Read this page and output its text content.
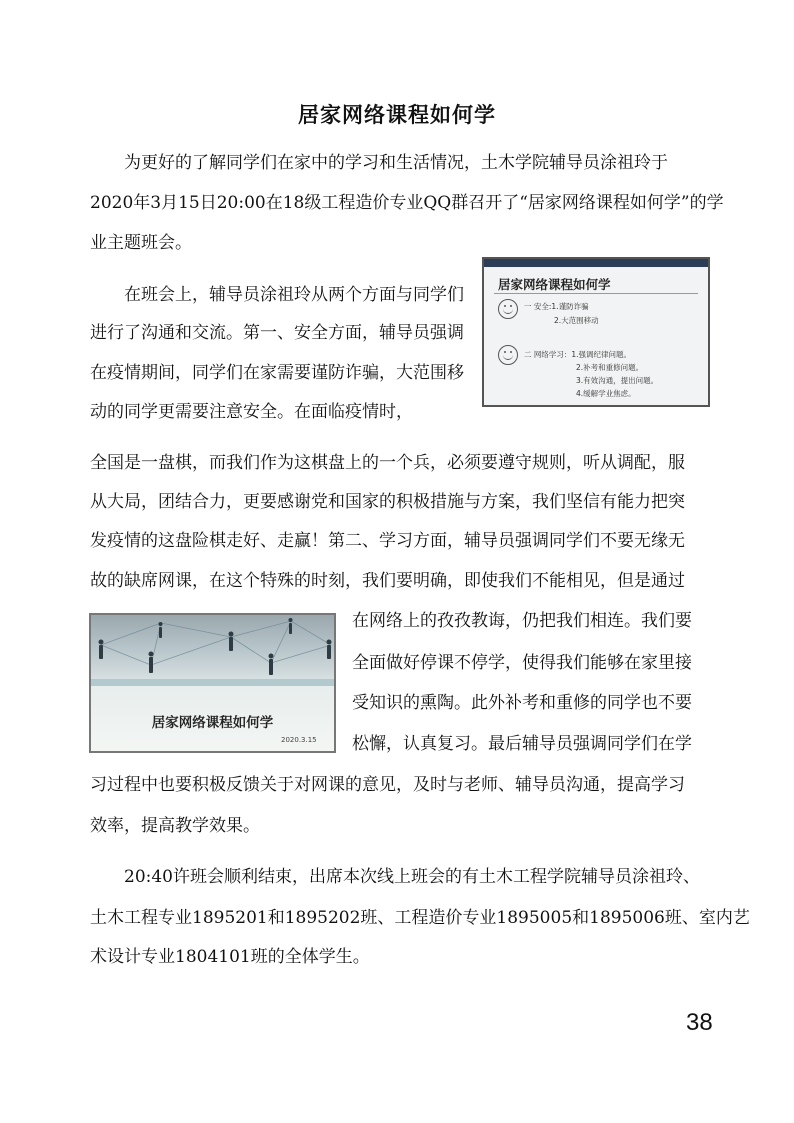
居家网络课程如何学
为更好的了解同学们在家中的学习和生活情况，土木学院辅导员涂祖玲于
2020年3月15日20:00在18级工程造价专业QQ群召开了“居家网络课程如何学”的学
业主题班会。
在班会上，辅导员涂祖玲从两个方面与同学们
进行了沟通和交流。第一、安全方面，辅导员强调
在疫情期间，同学们在家需要谨防诈骗，大范围移
动的同学更需要注意安全。在面临疫情时，
全国是一盘棋，而我们作为这棋盘上的一个兵，必须要遵守规则，听从调配，服
从大局，团结合力，更要感谢党和国家的积极措施与方案，我们坚信有能力把突
发疫情的这盘险棋走好、走赢！第二、学习方面，辅导员强调同学们不要无缘无
故的缺席网课，在这个特殊的时刻，我们要明确，即使我们不能相见，但是通过
在网络上的孜孜教诲，仍把我们相连。我们要
全面做好停课不停学，使得我们能够在家里接
受知识的熏陶。此外补考和重修的同学也不要
松懈，认真复习。最后辅导员强调同学们在学
习过程中也要积极反馈关于对网课的意见，及时与老师、辅导员沟通，提高学习
效率，提高教学效果。
20:40许班会顺利结束，出席本次线上班会的有土木工程学院辅导员涂祖玲、
土木工程专业1895201和1895202班、工程造价专业1895005和1895006班、室内艺
术设计专业1804101班的全体学生。
居家网络课程如何学
一 安全:1.谨防诈骗
2.大范围移动
二 网络学习：1.强调纪律问题。
2.补考和重修问题。
3.有效沟通，提出问题。
4.缓解学业焦虑。
居家网络课程如何学
2020.3.15
38
